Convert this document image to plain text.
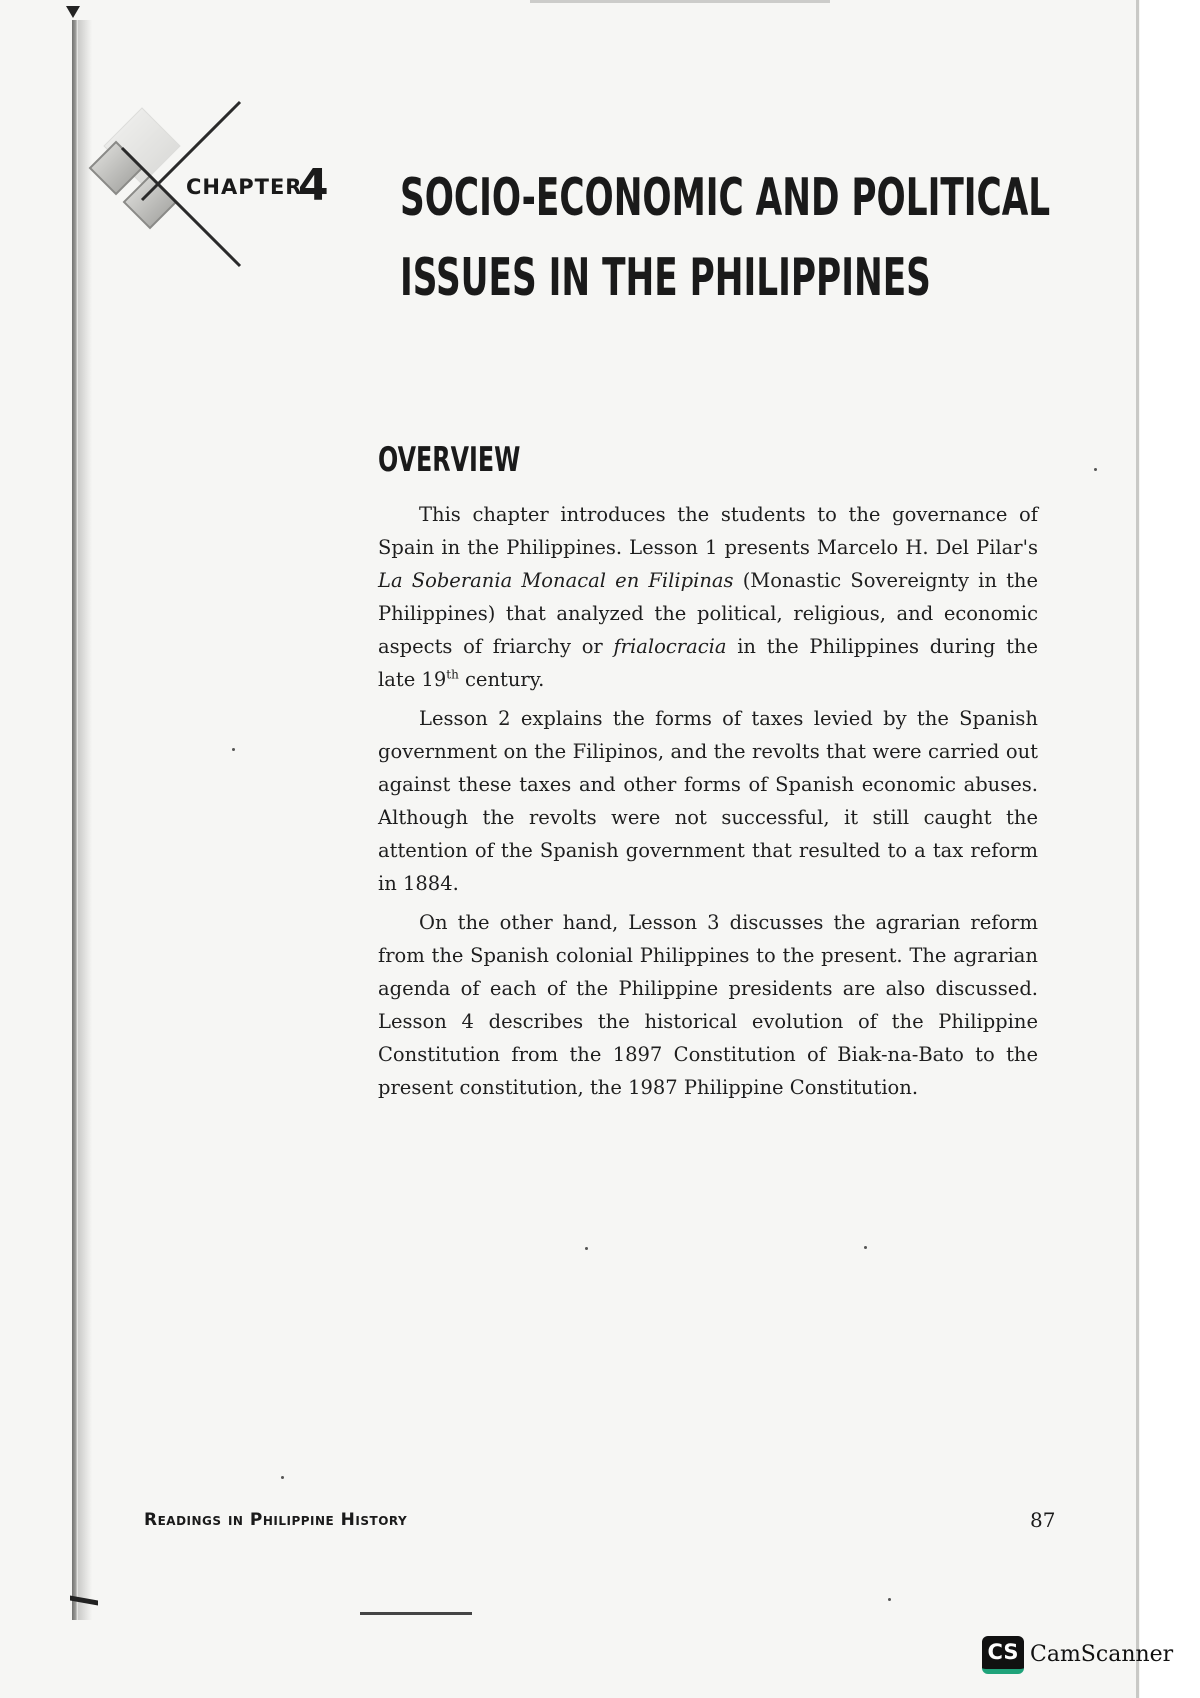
CHAPTER
4 SOCIO-ECONOMIC AND POLITICAL
ISSUES IN THE PHILIPPINES
OVERVIEW

This chapter introduces the students to the governance of Spain in the Philippines. Lesson 1 presents Marcelo H. Del Pilar's La Soberania Monacal en Filipinas (Monastic Sovereignty in the Philippines) that analyzed the political, religious, and economic aspects of friarchy or frialocracia in the Philippines during the late 19th century.

Lesson 2 explains the forms of taxes levied by the Spanish government on the Filipinos, and the revolts that were carried out against these taxes and other forms of Spanish economic abuses. Although the revolts were not successful, it still caught the attention of the Spanish government that resulted to a tax reform in 1884.

On the other hand, Lesson 3 discusses the agrarian reform from the Spanish colonial Philippines to the present. The agrarian agenda of each of the Philippine presidents are also discussed. Lesson 4 describes the historical evolution of the Philippine Constitution from the 1897 Constitution of Biak-na-Bato to the present constitution, the 1987 Philippine Constitution.

Readings in Philippine History	87
CS CamScanner
